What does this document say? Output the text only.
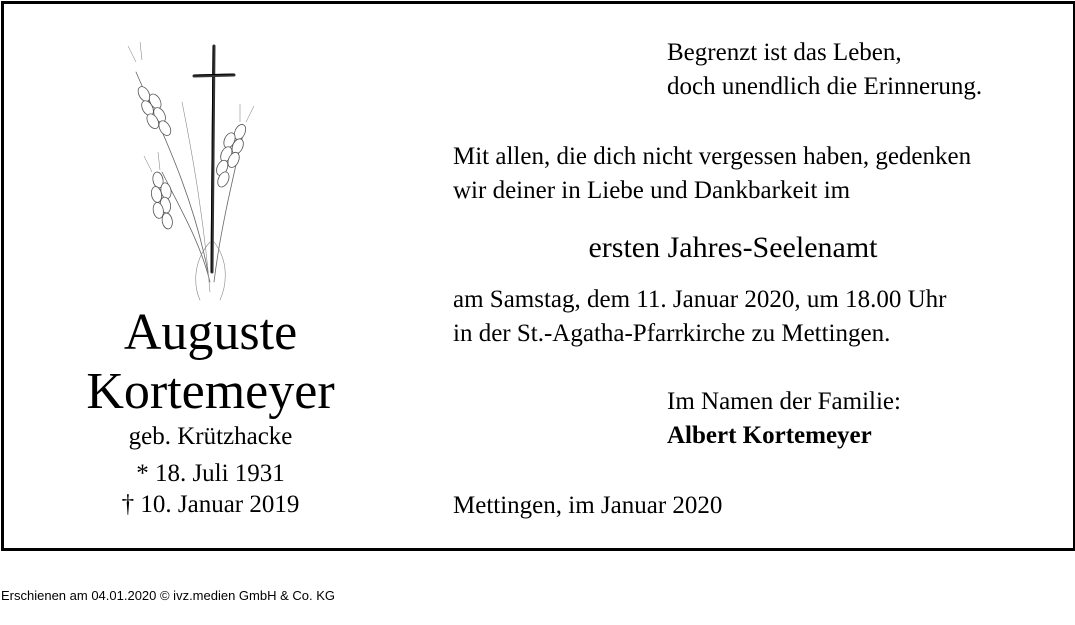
Auguste
Kortemeyer
geb. Krützhacke
* 18. Juli 1931
† 10. Januar 2019
Begrenzt ist das Leben,
doch unendlich die Erinnerung.
Mit allen, die dich nicht vergessen haben, gedenken
wir deiner in Liebe und Dankbarkeit im
ersten Jahres-Seelenamt
am Samstag, dem 11. Januar 2020, um 18.00 Uhr
in der St.-Agatha-Pfarrkirche zu Mettingen.
Im Namen der Familie:
Albert Kortemeyer
Mettingen, im Januar 2020
Erschienen am 04.01.2020 © ivz.medien GmbH & Co. KG
